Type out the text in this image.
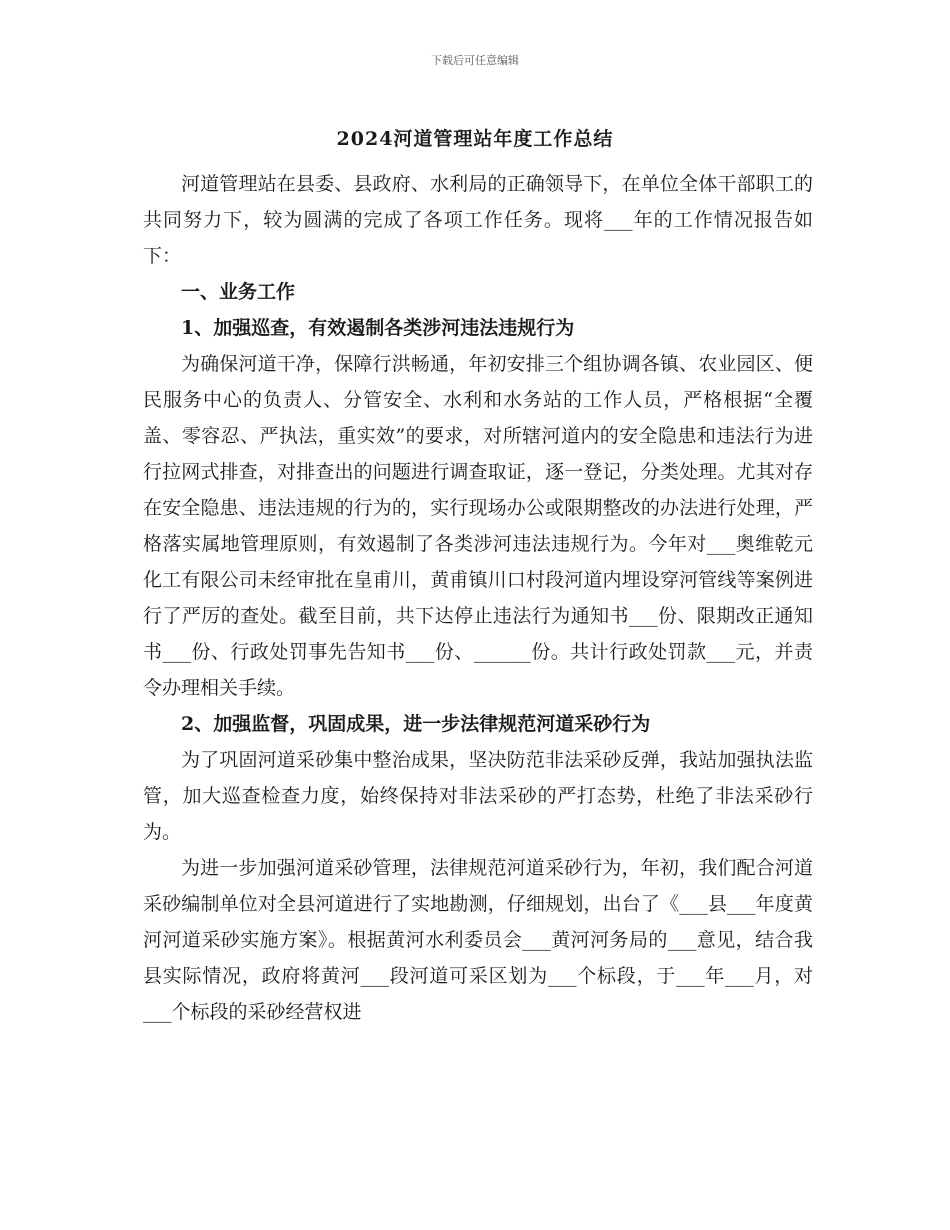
下载后可任意编辑
2024河道管理站年度工作总结

河道管理站在县委、县政府、水利局的正确领导下，在单位全体干部职工的共同努力下，较为圆满的完成了各项工作任务。现将___年的工作情况报告如下：

一、业务工作

1、加强巡查，有效遏制各类涉河违法违规行为

为确保河道干净，保障行洪畅通，年初安排三个组协调各镇、农业园区、便民服务中心的负责人、分管安全、水利和水务站的工作人员，严格根据“全覆盖、零容忍、严执法，重实效”的要求，对所辖河道内的安全隐患和违法行为进行拉网式排查，对排查出的问题进行调查取证，逐一登记，分类处理。尤其对存在安全隐患、违法违规的行为的，实行现场办公或限期整改的办法进行处理，严格落实属地管理原则，有效遏制了各类涉河违法违规行为。今年对___奥维乾元化工有限公司未经审批在皇甫川，黄甫镇川口村段河道内埋设穿河管线等案例进行了严厉的查处。截至目前，共下达停止违法行为通知书___份、限期改正通知书___份、行政处罚事先告知书___份、______份。共计行政处罚款___元，并责令办理相关手续。

2、加强监督，巩固成果，进一步法律规范河道采砂行为

为了巩固河道采砂集中整治成果，坚决防范非法采砂反弹，我站加强执法监管，加大巡查检查力度，始终保持对非法采砂的严打态势，杜绝了非法采砂行为。

为进一步加强河道采砂管理，法律规范河道采砂行为，年初，我们配合河道采砂编制单位对全县河道进行了实地勘测，仔细规划，出台了《___县___年度黄河河道采砂实施方案》。根据黄河水利委员会___黄河河务局的___意见，结合我县实际情况，政府将黄河___段河道可采区划为___个标段，于___年___月，对___个标段的采砂经营权进
